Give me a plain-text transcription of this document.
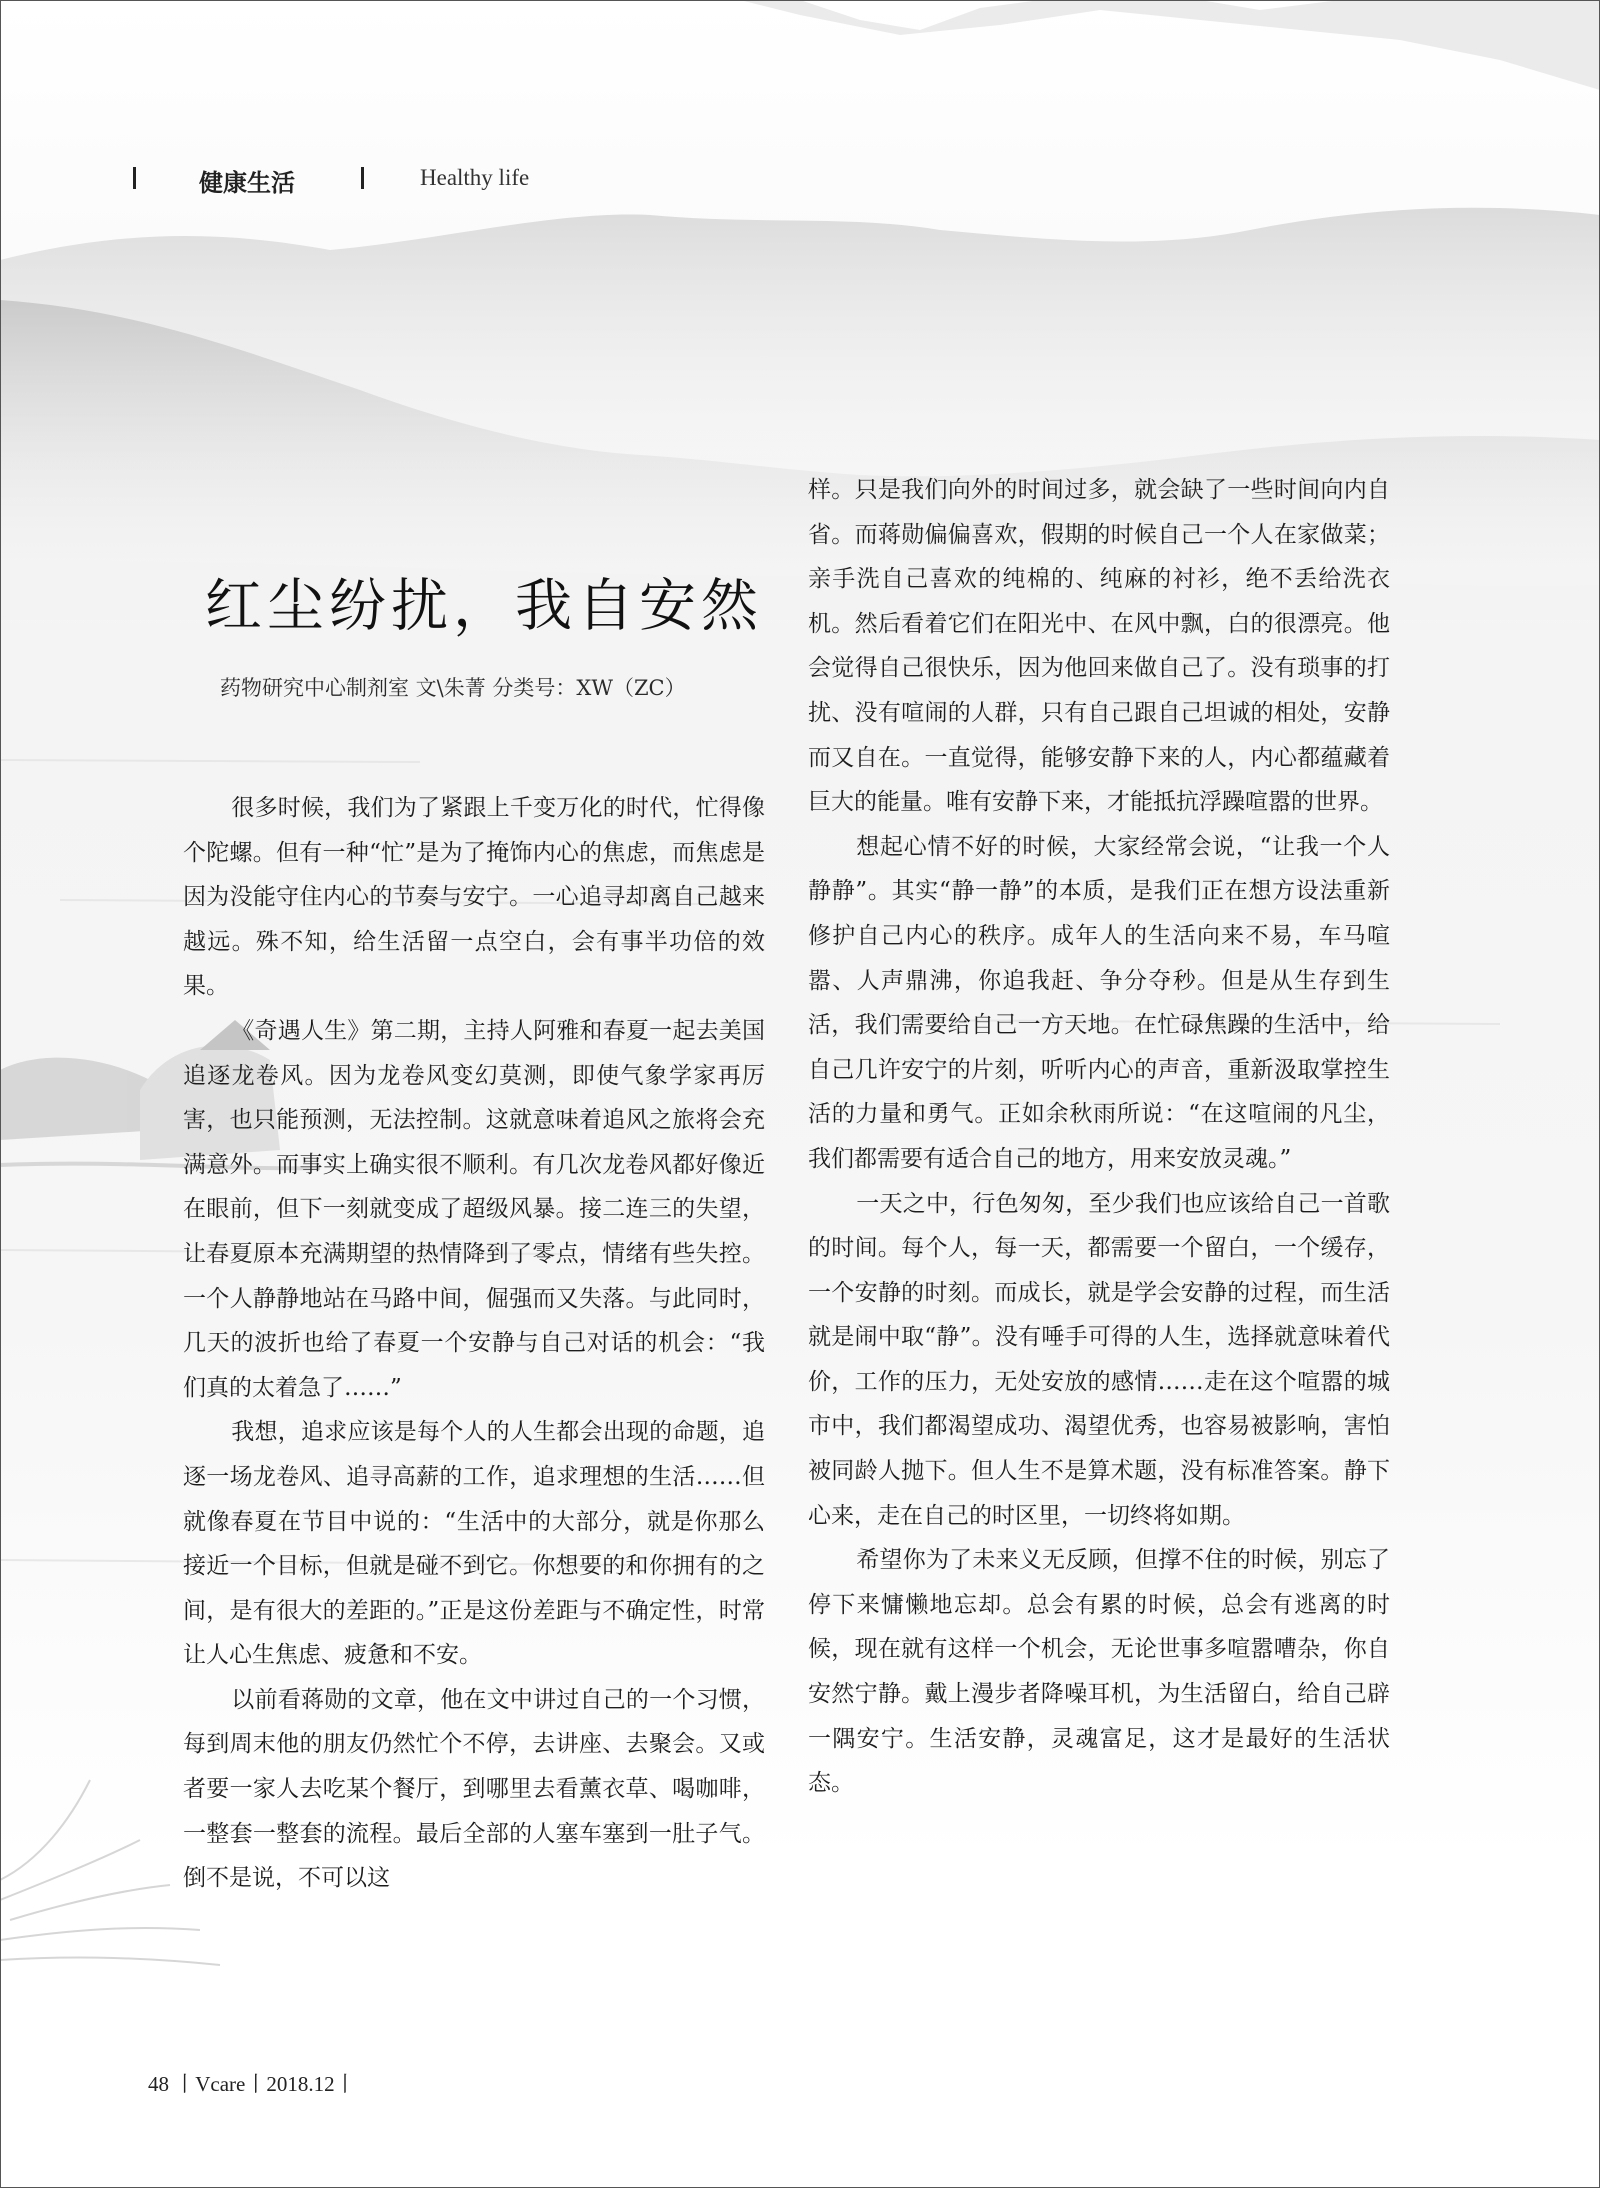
健康生活	Healthy life
红尘纷扰，我自安然
药物研究中心制剂室 文\朱菁 分类号：XW（ZC）

很多时候，我们为了紧跟上千变万化的时代，忙得像个陀螺。但有一种“忙”是为了掩饰内心的焦虑，而焦虑是因为没能守住内心的节奏与安宁。一心追寻却离自己越来越远。殊不知，给生活留一点空白，会有事半功倍的效果。

《奇遇人生》第二期，主持人阿雅和春夏一起去美国追逐龙卷风。因为龙卷风变幻莫测，即使气象学家再厉害，也只能预测，无法控制。这就意味着追风之旅将会充满意外。而事实上确实很不顺利。有几次龙卷风都好像近在眼前，但下一刻就变成了超级风暴。接二连三的失望，让春夏原本充满期望的热情降到了零点，情绪有些失控。一个人静静地站在马路中间，倔强而又失落。与此同时，几天的波折也给了春夏一个安静与自己对话的机会：“我们真的太着急了……”

我想，追求应该是每个人的人生都会出现的命题，追逐一场龙卷风、追寻高薪的工作，追求理想的生活……但就像春夏在节目中说的：“生活中的大部分，就是你那么接近一个目标，但就是碰不到它。你想要的和你拥有的之间，是有很大的差距的。”正是这份差距与不确定性，时常让人心生焦虑、疲惫和不安。

以前看蒋勋的文章，他在文中讲过自己的一个习惯，每到周末他的朋友仍然忙个不停，去讲座、去聚会。又或者要一家人去吃某个餐厅，到哪里去看薰衣草、喝咖啡，一整套一整套的流程。最后全部的人塞车塞到一肚子气。倒不是说，不可以这

样。只是我们向外的时间过多，就会缺了一些时间向内自省。而蒋勋偏偏喜欢，假期的时候自己一个人在家做菜；亲手洗自己喜欢的纯棉的、纯麻的衬衫，绝不丢给洗衣机。然后看着它们在阳光中、在风中飘，白的很漂亮。他会觉得自己很快乐，因为他回来做自己了。没有琐事的打扰、没有喧闹的人群，只有自己跟自己坦诚的相处，安静而又自在。一直觉得，能够安静下来的人，内心都蕴藏着巨大的能量。唯有安静下来，才能抵抗浮躁喧嚣的世界。

想起心情不好的时候，大家经常会说，“让我一个人静静”。其实“静一静”的本质，是我们正在想方设法重新修护自己内心的秩序。成年人的生活向来不易，车马喧嚣、人声鼎沸，你追我赶、争分夺秒。但是从生存到生活，我们需要给自己一方天地。在忙碌焦躁的生活中，给自己几许安宁的片刻，听听内心的声音，重新汲取掌控生活的力量和勇气。正如余秋雨所说：“在这喧闹的凡尘，我们都需要有适合自己的地方，用来安放灵魂。”

一天之中，行色匆匆，至少我们也应该给自己一首歌的时间。每个人，每一天，都需要一个留白，一个缓存，一个安静的时刻。而成长，就是学会安静的过程，而生活就是闹中取“静”。没有唾手可得的人生，选择就意味着代价，工作的压力，无处安放的感情……走在这个喧嚣的城市中，我们都渴望成功、渴望优秀，也容易被影响，害怕被同龄人抛下。但人生不是算术题，没有标准答案。静下心来，走在自己的时区里，一切终将如期。

希望你为了未来义无反顾，但撑不住的时候，别忘了停下来慵懒地忘却。总会有累的时候，总会有逃离的时候，现在就有这样一个机会，无论世事多喧嚣嘈杂，你自安然宁静。戴上漫步者降噪耳机，为生活留白，给自己辟一隅安宁。生活安静，灵魂富足，这才是最好的生活状态。

48 丨Vcare丨2018.12丨
